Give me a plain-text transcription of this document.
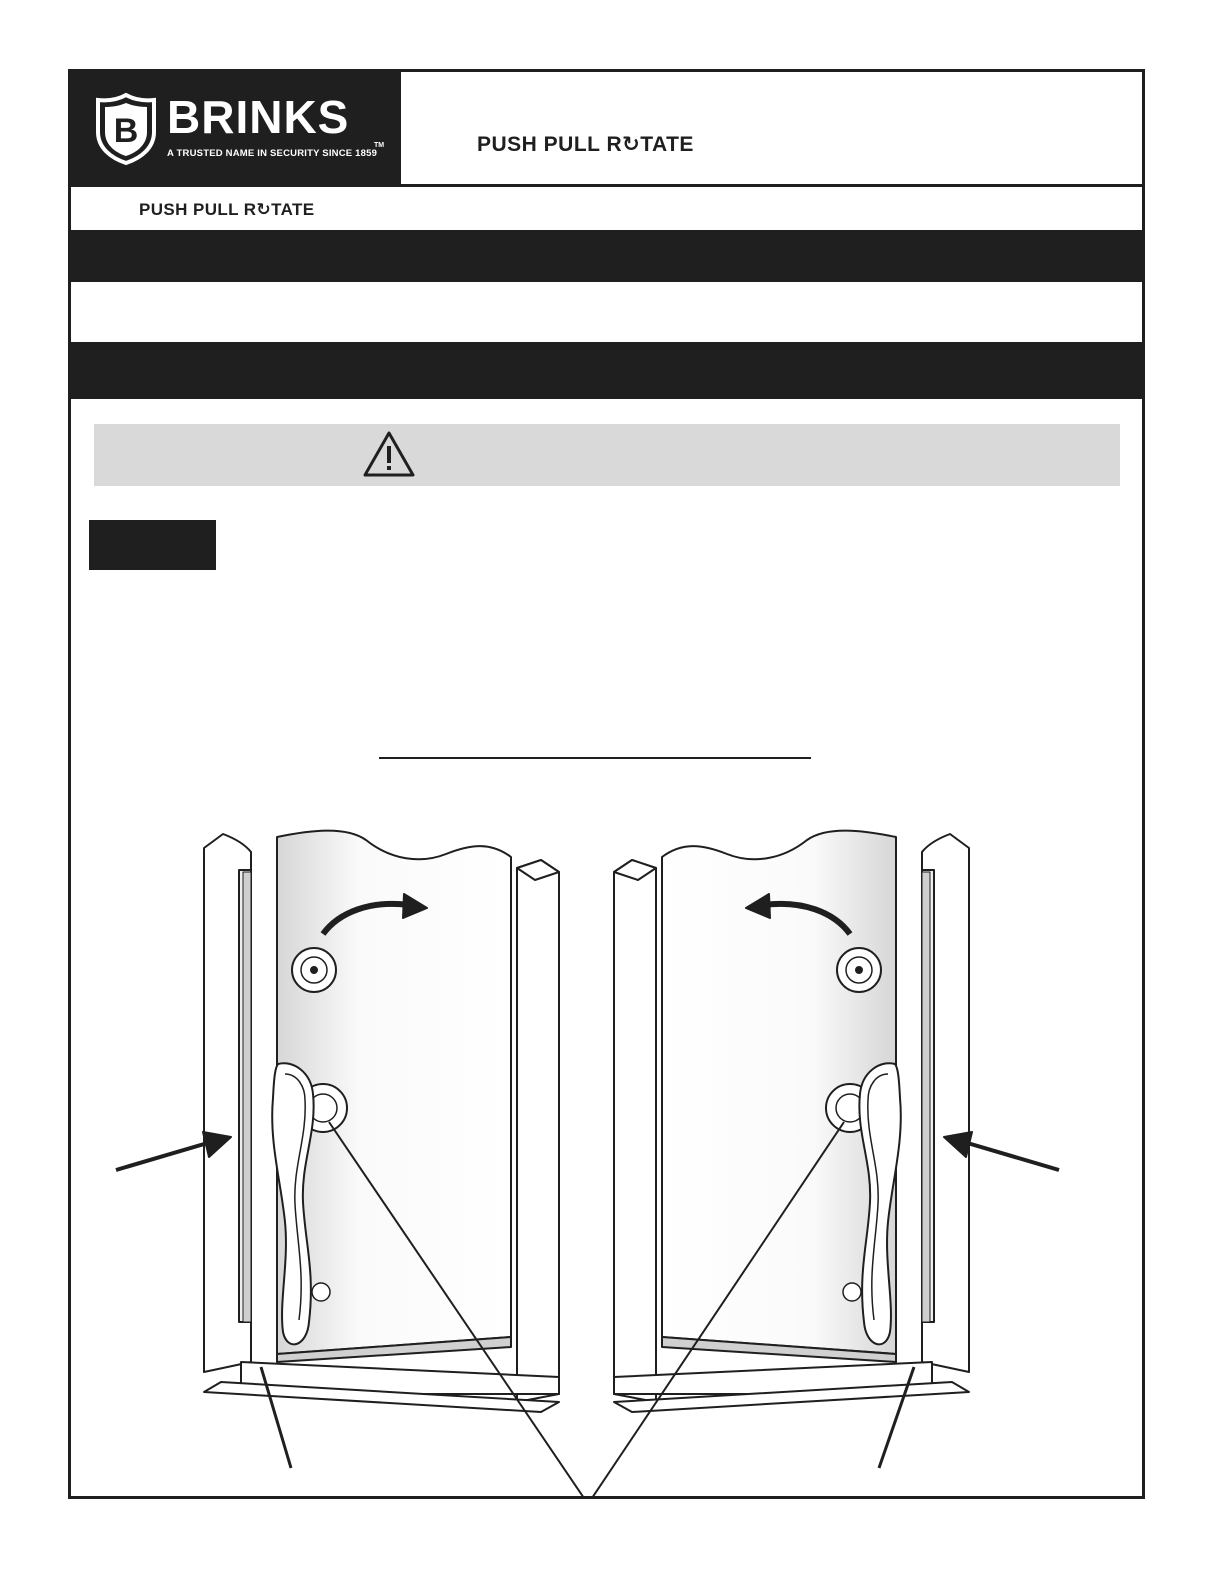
B BRINKS
A TRUSTED NAME IN SECURITY SINCE 1859
TM	PUSH PULL R↻TATE
PUSH PULL R↻TATE
